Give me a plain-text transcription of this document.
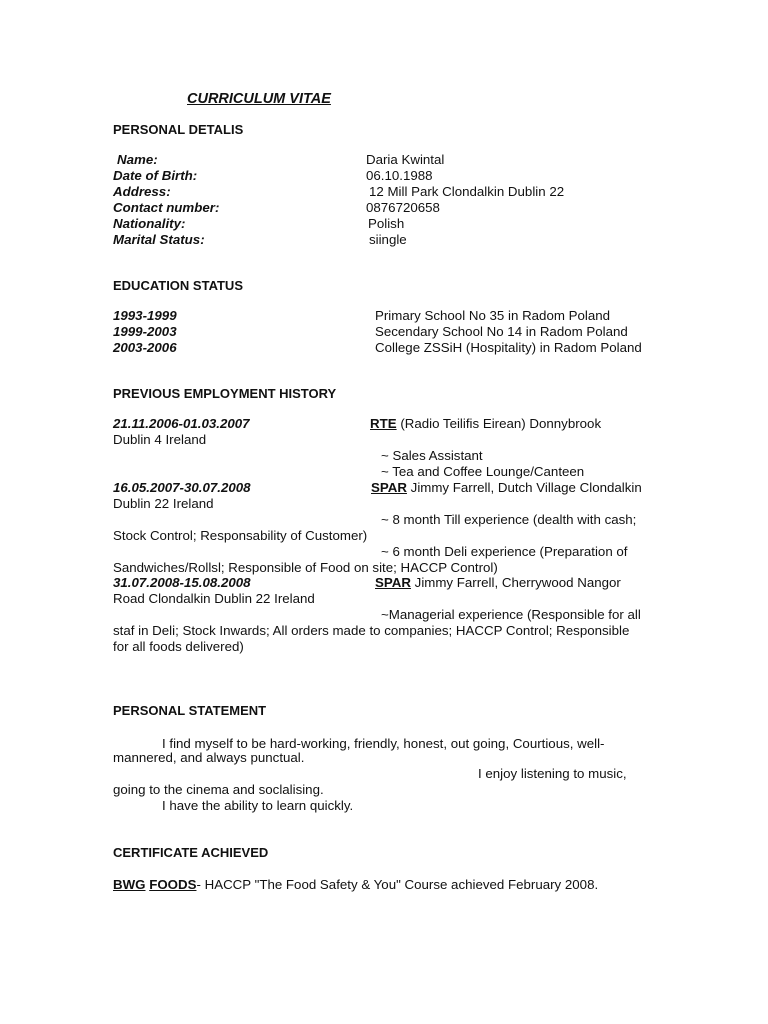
CURRICULUM VITAE
PERSONAL DETALIS
Name:	Daria Kwintal
Date of Birth:	06.10.1988
Address:	12 Mill Park Clondalkin Dublin 22
Contact number:	0876720658
Nationality:	Polish
Marital Status:	siingle
EDUCATION STATUS
1993-1999	Primary School No 35 in Radom Poland
1999-2003	Secendary School No 14 in Radom Poland
2003-2006	College ZSSiH (Hospitality) in Radom Poland
PREVIOUS EMPLOYMENT HISTORY
21.11.2006-01.03.2007	RTE (Radio Teilifis Eirean) Donnybrook
Dublin 4 Ireland
~ Sales Assistant
~ Tea and Coffee Lounge/Canteen
16.05.2007-30.07.2008	SPAR Jimmy Farrell, Dutch Village Clondalkin
Dublin 22 Ireland
~ 8 month Till experience (dealth with cash;
Stock Control; Responsability of Customer)
~ 6 month Deli experience (Preparation of
Sandwiches/Rollsl; Responsible of Food on site; HACCP Control)
31.07.2008-15.08.2008	SPAR Jimmy Farrell, Cherrywood Nangor
Road Clondalkin Dublin 22 Ireland
~Managerial experience (Responsible for all
staf in Deli; Stock Inwards; All orders made to companies; HACCP Control; Responsible
for all foods delivered)
PERSONAL STATEMENT
I find myself to be hard-working, friendly, honest, out going, Courtious, well-
mannered, and always punctual.
I enjoy listening to music,
going to the cinema and soclalising.
I have the ability to learn quickly.
CERTIFICATE ACHIEVED
BWG FOODS- HACCP "The Food Safety & You" Course achieved February 2008.
